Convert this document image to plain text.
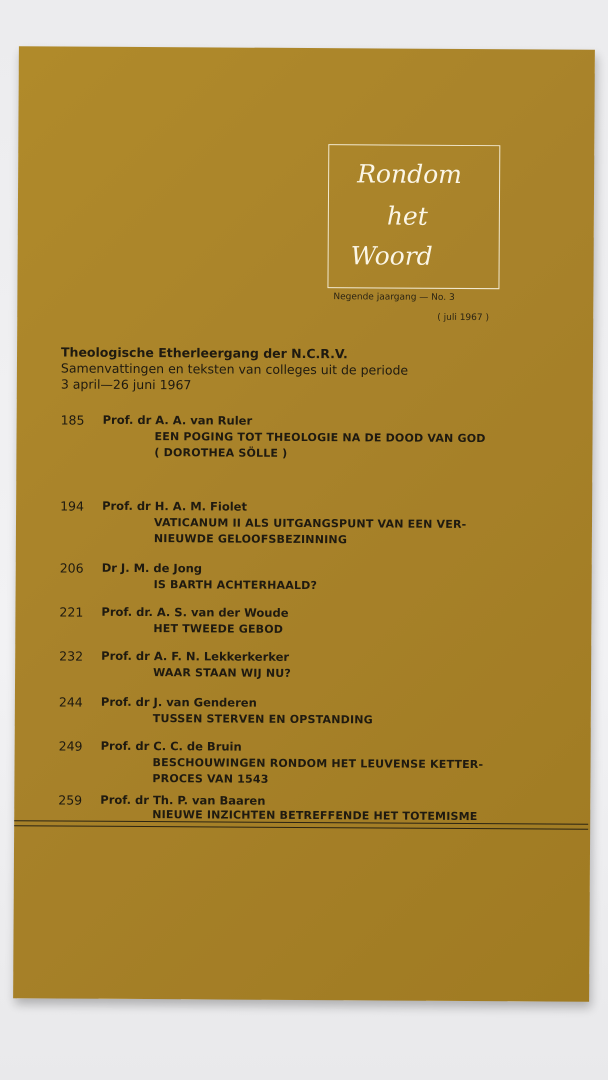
Rondom
het
Woord
Negende jaargang — No. 3
( juli 1967 )
Theologische Etherleergang der N.C.R.V.
Samenvattingen en teksten van colleges uit de periode
3 april—26 juni 1967
185 Prof. dr A. A. van Ruler
EEN POGING TOT THEOLOGIE NA DE DOOD VAN GOD
( DOROTHEA SÖLLE )
194 Prof. dr H. A. M. Fiolet
VATICANUM II ALS UITGANGSPUNT VAN EEN VER-
NIEUWDE GELOOFSBEZINNING
206 Dr J. M. de Jong
IS BARTH ACHTERHAALD?
221 Prof. dr. A. S. van der Woude
HET TWEEDE GEBOD
232 Prof. dr A. F. N. Lekkerkerker
WAAR STAAN WIJ NU?
244 Prof. dr J. van Genderen
TUSSEN STERVEN EN OPSTANDING
249 Prof. dr C. C. de Bruin
BESCHOUWINGEN RONDOM HET LEUVENSE KETTER-
PROCES VAN 1543
259 Prof. dr Th. P. van Baaren
NIEUWE INZICHTEN BETREFFENDE HET TOTEMISME
